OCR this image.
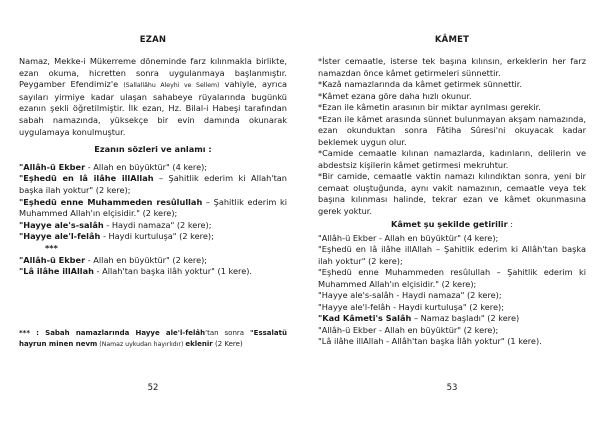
EZAN

Namaz, Mekke-i Mükerreme döneminde farz kılınmakla birlikte, ezan okuma, hicretten sonra uygulanmaya başlanmıştır. Peygamber Efendimiz'e (Sallallâhu Aleyhi ve Sellem) vahiyle, ayrıca sayıları yirmiye kadar ulaşan sahabeye rüyalarında bugünkü ezanın şekli öğretilmiştir. İlk ezan, Hz. Bilal-i Habeşi tarafından sabah namazında, yüksekçe bir evin damında okunarak uygulamaya konulmuştur.

Ezanın sözleri ve anlamı :

"Allâh-ü Ekber - Allah en büyüktür" (4 kere);

"Eşhedü en lâ ilâhe illAllah – Şahitlik ederim ki Allah'tan başka ilah yoktur" (2 kere);

"Eşhedü enne Muhammeden resûlullah – Şahitlik ederim ki Muhammed Allah'ın elçisidir." (2 kere);

"Hayye ale's-salâh - Haydi namaza" (2 kere);

"Hayye ale'l-felâh - Haydi kurtuluşa" (2 kere);

***

"Allâh-ü Ekber - Allah en büyüktür" (2 kere);

"Lâ ilâhe illAllah - Allah'tan başka ilâh yoktur" (1 kere).

*** : Sabah namazlarında Hayye ale'l-felâh'tan sonra "Essalatü hayrun minen nevm (Namaz uykudan hayırlıdır) eklenir (2 Kere)
52
KÂMET

*İster cemaatle, isterse tek başına kılınsın, erkeklerin her farz namazdan önce kâmet getirmeleri sünnettir.

*Kazâ namazlarında da kâmet getirmek sünnettir.

*Kâmet ezana göre daha hızlı okunur.

*Ezan ile kâmetin arasının bir miktar ayrılması gerekir.

*Ezan ile kâmet arasında sünnet bulunmayan akşam namazında, ezan okunduktan sonra Fâtiha Sûresi'ni okuyacak kadar beklemek uygun olur.

*Camide cemaatle kılınan namazlarda, kadınların, delilerin ve abdestsiz kişilerin kâmet getirmesi mekruhtur.

*Bir camide, cemaatle vaktin namazı kılındıktan sonra, yeni bir cemaat oluştuğunda, aynı vakit namazının, cemaatle veya tek başına kılınması halinde, tekrar ezan ve kâmet okunmasına gerek yoktur.

Kâmet şu şekilde getirilir :

"Allâh-ü Ekber - Allah en büyüktür" (4 kere);

"Eşhedü en lâ ilâhe illAllah – Şahitlik ederim ki Allâh'tan başka ilah yoktur" (2 kere);

"Eşhedü enne Muhammeden resûlullah – Şahitlik ederim ki Muhammed Allah'ın elçisidir." (2 kere);

"Hayye ale's-salâh - Haydi namaza" (2 kere);

"Hayye ale'l-felâh - Haydi kurtuluşa" (2 kere);

"Kad Kâmeti's Salâh – Namaz başladı" (2 kere)

"Allâh-ü Ekber - Allah en büyüktür" (2 kere);

"Lâ ilâhe illAllah - Allâh'tan başka İlâh yoktur" (1 kere).

53
